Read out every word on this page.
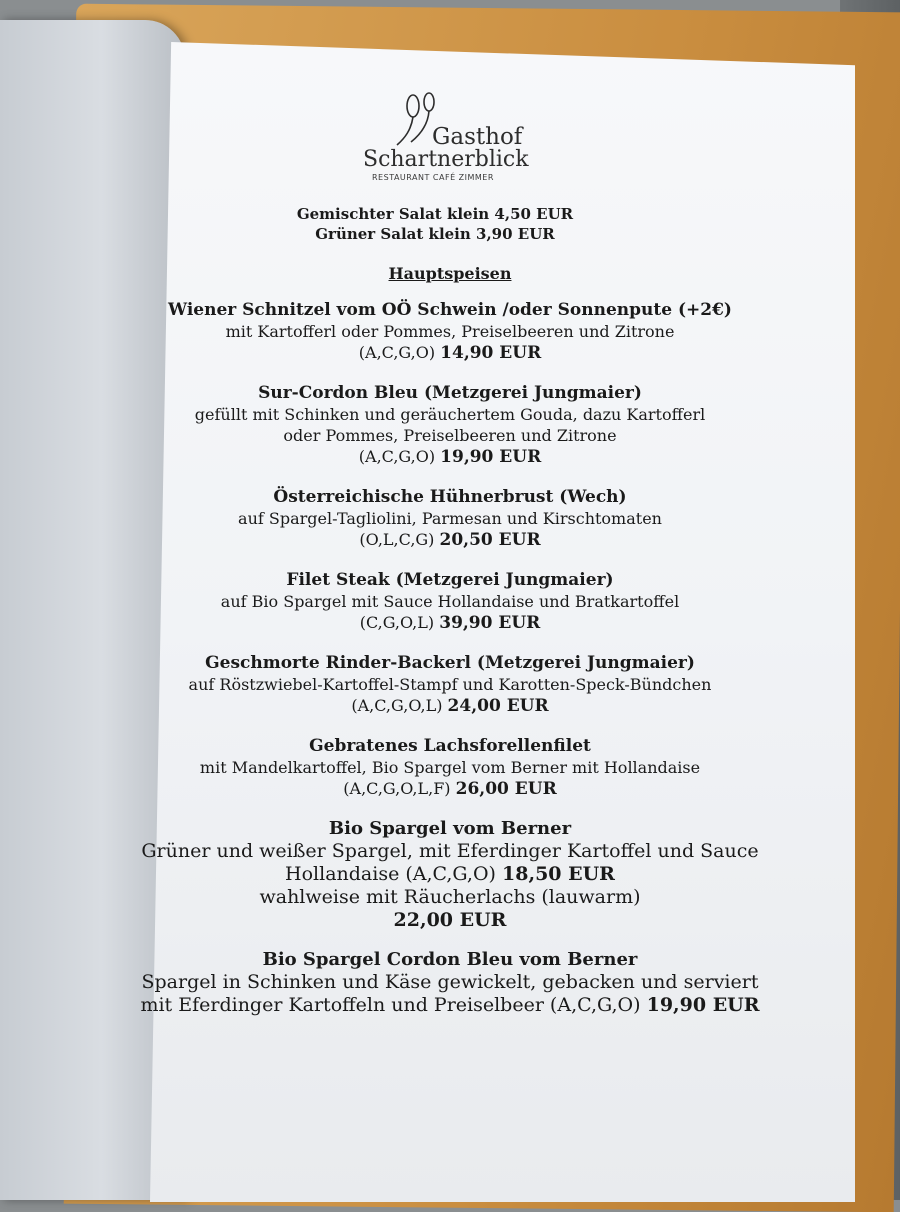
Gasthof
Schartnerblick
RESTAURANT CAFÉ ZIMMER
Gemischter Salat klein 4,50 EUR
Grüner Salat klein 3,90 EUR
Hauptspeisen
Wiener Schnitzel vom OÖ Schwein /oder Sonnenpute (+2€)
mit Kartofferl oder Pommes, Preiselbeeren und Zitrone
(A,C,G,O) 14,90 EUR
Sur-Cordon Bleu (Metzgerei Jungmaier)
gefüllt mit Schinken und geräuchertem Gouda, dazu Kartofferl
oder Pommes, Preiselbeeren und Zitrone
(A,C,G,O) 19,90 EUR
Österreichische Hühnerbrust (Wech)
auf Spargel-Tagliolini, Parmesan und Kirschtomaten
(O,L,C,G) 20,50 EUR
Filet Steak (Metzgerei Jungmaier)
auf Bio Spargel mit Sauce Hollandaise und Bratkartoffel
(C,G,O,L) 39,90 EUR
Geschmorte Rinder-Backerl (Metzgerei Jungmaier)
auf Röstzwiebel-Kartoffel-Stampf und Karotten-Speck-Bündchen
(A,C,G,O,L) 24,00 EUR
Gebratenes Lachsforellenfilet
mit Mandelkartoffel, Bio Spargel vom Berner mit Hollandaise
(A,C,G,O,L,F) 26,00 EUR
Bio Spargel vom Berner
Grüner und weißer Spargel, mit Eferdinger Kartoffel und Sauce
Hollandaise (A,C,G,O) 18,50 EUR
wahlweise mit Räucherlachs (lauwarm)
22,00 EUR
Bio Spargel Cordon Bleu vom Berner
Spargel in Schinken und Käse gewickelt, gebacken und serviert
mit Eferdinger Kartoffeln und Preiselbeer (A,C,G,O) 19,90 EUR
